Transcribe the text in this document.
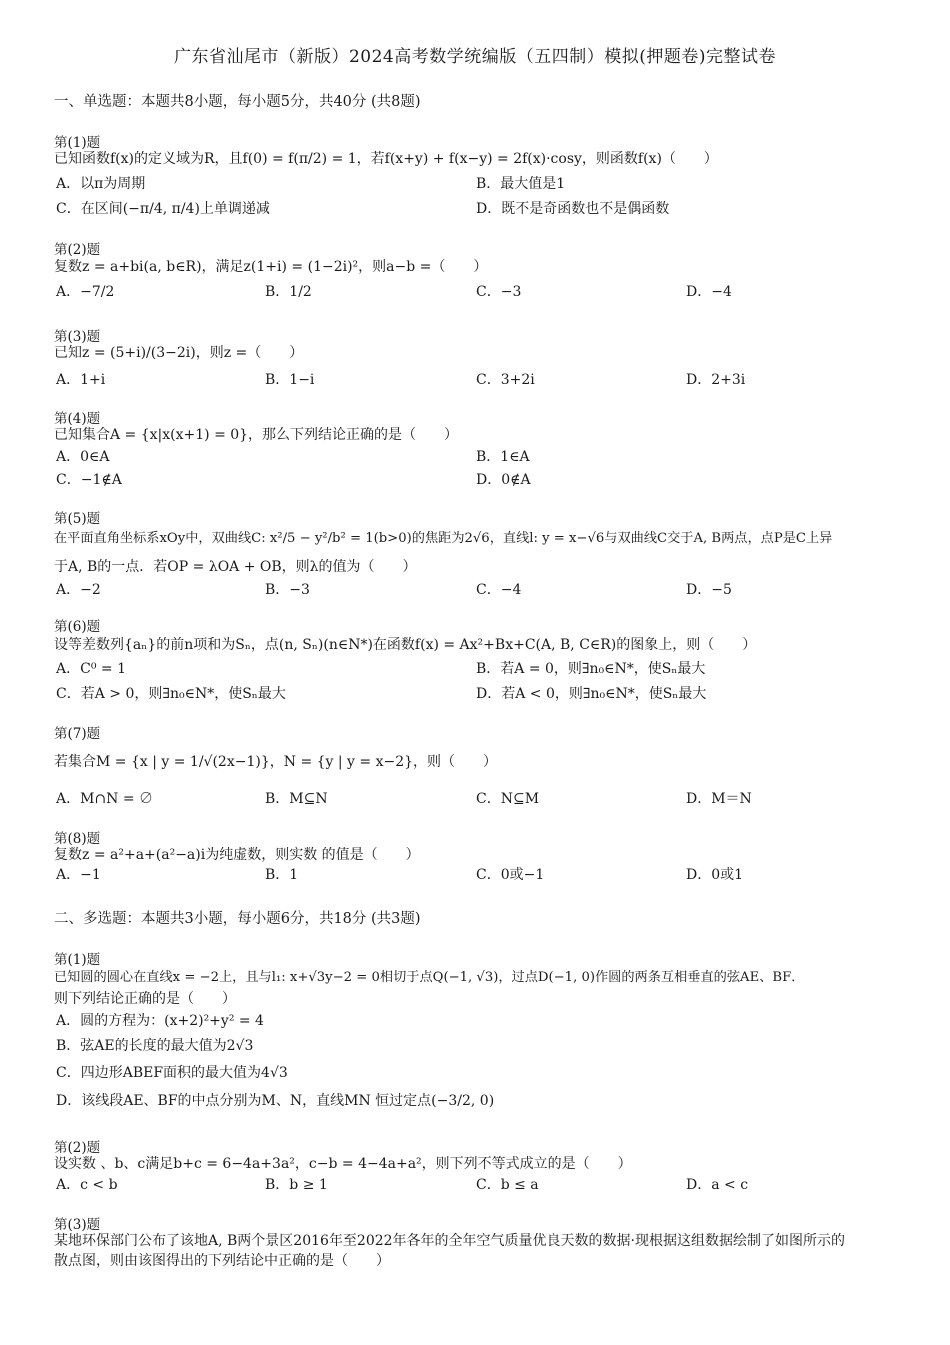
广东省汕尾市（新版）2024高考数学统编版（五四制）模拟(押题卷)完整试卷
一、单选题：本题共8小题，每小题5分，共40分 (共8题)
第(1)题
已知函数f(x)的定义域为R，且f(0) = f(π/2) = 1，若f(x+y) + f(x−y) = 2f(x)·cosy，则函数f(x)（　　）
A．以π为周期	B．最大值是1
C．在区间(−π/4, π/4)上单调递减	D．既不是奇函数也不是偶函数
第(2)题
复数z = a+bi(a, b∈R)，满足z(1+i) = (1−2i)²，则a−b =（　　）
A．−7/2	B．1/2	C．−3	D．−4
第(3)题
已知z = (5+i)/(3−2i)，则z =（　　）
A．1+i	B．1−i	C．3+2i	D．2+3i
第(4)题
已知集合A = {x|x(x+1) = 0}，那么下列结论正确的是（　　）
A．0∈A	B．1∈A
C．−1∉A	D．0∉A
第(5)题
在平面直角坐标系xOy中，双曲线C: x²/5 − y²/b² = 1(b>0)的焦距为2√6，直线l: y = x−√6与双曲线C交于A, B两点，点P是C上异
于A, B的一点．若OP = λOA + OB，则λ的值为（　　）
A．−2	B．−3	C．−4	D．−5
第(6)题
设等差数列{aₙ}的前n项和为Sₙ，点(n, Sₙ)(n∈N*)在函数f(x) = Ax²+Bx+C(A, B, C∈R)的图象上，则（　　）
A．C⁰ = 1	B．若A = 0，则∃n₀∈N*，使Sₙ最大
C．若A > 0，则∃n₀∈N*，使Sₙ最大	D．若A < 0，则∃n₀∈N*，使Sₙ最大
第(7)题
若集合M = {x | y = 1/√(2x−1)}，N = {y | y = x−2}，则（　　）
A．M∩N = ∅	B．M⊆N	C．N⊆M	D．M＝N
第(8)题
复数z = a²+a+(a²−a)i为纯虚数，则实数 的值是（　　）
A．−1	B．1	C．0或−1	D．0或1
二、多选题：本题共3小题，每小题6分，共18分 (共3题)
第(1)题
已知圆的圆心在直线x = −2上，且与l₁: x+√3y−2 = 0相切于点Q(−1, √3)，过点D(−1, 0)作圆的两条互相垂直的弦AE、BF．
则下列结论正确的是（　　）
A．圆的方程为：(x+2)²+y² = 4
B．弦AE的长度的最大值为2√3
C．四边形ABEF面积的最大值为4√3
D．该线段AE、BF的中点分别为M、N，直线MN 恒过定点(−3/2, 0)
第(2)题
设实数 、b、c满足b+c = 6−4a+3a²，c−b = 4−4a+a²，则下列不等式成立的是（　　）
A．c < b	B．b ≥ 1	C．b ≤ a	D．a < c
第(3)题
某地环保部门公布了该地A, B两个景区2016年至2022年各年的全年空气质量优良天数的数据·现根据这组数据绘制了如图所示的
散点图，则由该图得出的下列结论中正确的是（　　）
